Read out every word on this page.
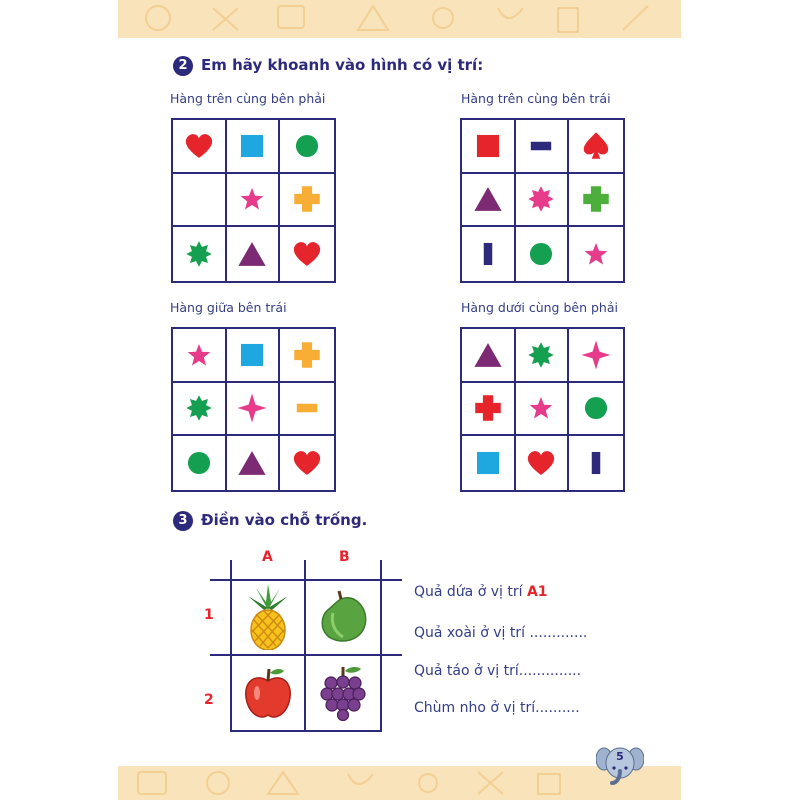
2 Em hãy khoanh vào hình có vị trí:
Hàng trên cùng bên phải	Hàng trên cùng bên trái
Hàng giữa bên trái	Hàng dưới cùng bên phải
3 Điền vào chỗ trống.
A	B
1
2
Quả dứa ở vị trí A1
Quả xoài ở vị trí .............
Quả táo ở vị trí..............
Chùm nho ở vị trí..........
5
